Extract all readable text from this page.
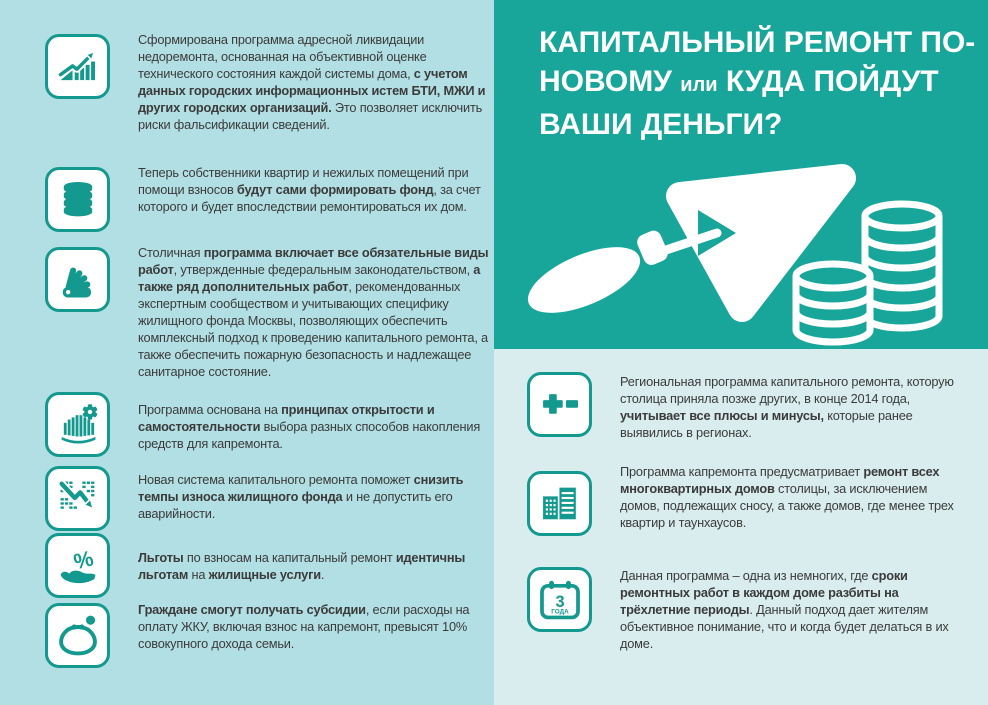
Сформирована программа адресной ликвидации недоремонта, основанная на объективной оценке технического состояния каждой системы дома, с учетом данных городских информационных истем БТИ, МЖИ и других городских организаций. Это позволяет исключить риски фальсификации сведений.
Теперь собственники квартир и нежилых помещений при помощи взносов будут сами формировать фонд, за счет которого и будет впоследствии ремонтироваться их дом.
Столичная программа включает все обязательные виды работ, утвержденные федеральным законодательством, а также ряд дополнительных работ, рекомендованных экспертным сообществом и учитывающих специфику жилищного фонда Москвы, позволяющих обеспечить комплексный подход к проведению капитального ремонта, а также обеспечить пожарную безопасность и надлежащее санитарное состояние.
Программа основана на принципах открытости и самостоятельности выбора разных способов накопления средств для капремонта.
Новая система капитального ремонта поможет снизить темпы износа жилищного фонда и не допустить его аварийности.
%	Льготы по взносам на капитальный ремонт идентичны льготам на жилищные услуги.
Граждане смогут получать субсидии, если расходы на оплату ЖКУ, включая взнос на капремонт, превысят 10% совокупного дохода семьи.
КАПИТАЛЬНЫЙ РЕМОНТ ПО-НОВОМУ или КУДА ПОЙДУТ ВАШИ ДЕНЬГИ?
Региональная программа капитального ремонта, которую столица приняла позже других, в конце 2014 года, учитывает все плюсы и минусы, которые ранее выявились в регионах.
Программа капремонта предусматривает ремонт всех многоквартирных домов столицы, за исключением домов, подлежащих сносу, а также домов, где менее трех квартир и таунхаусов.
3
ГОДА
Данная программа – одна из немногих, где сроки ремонтных работ в каждом доме разбиты на трёхлетние периоды. Данный подход дает жителям объективное понимание, что и когда будет делаться в их доме.
